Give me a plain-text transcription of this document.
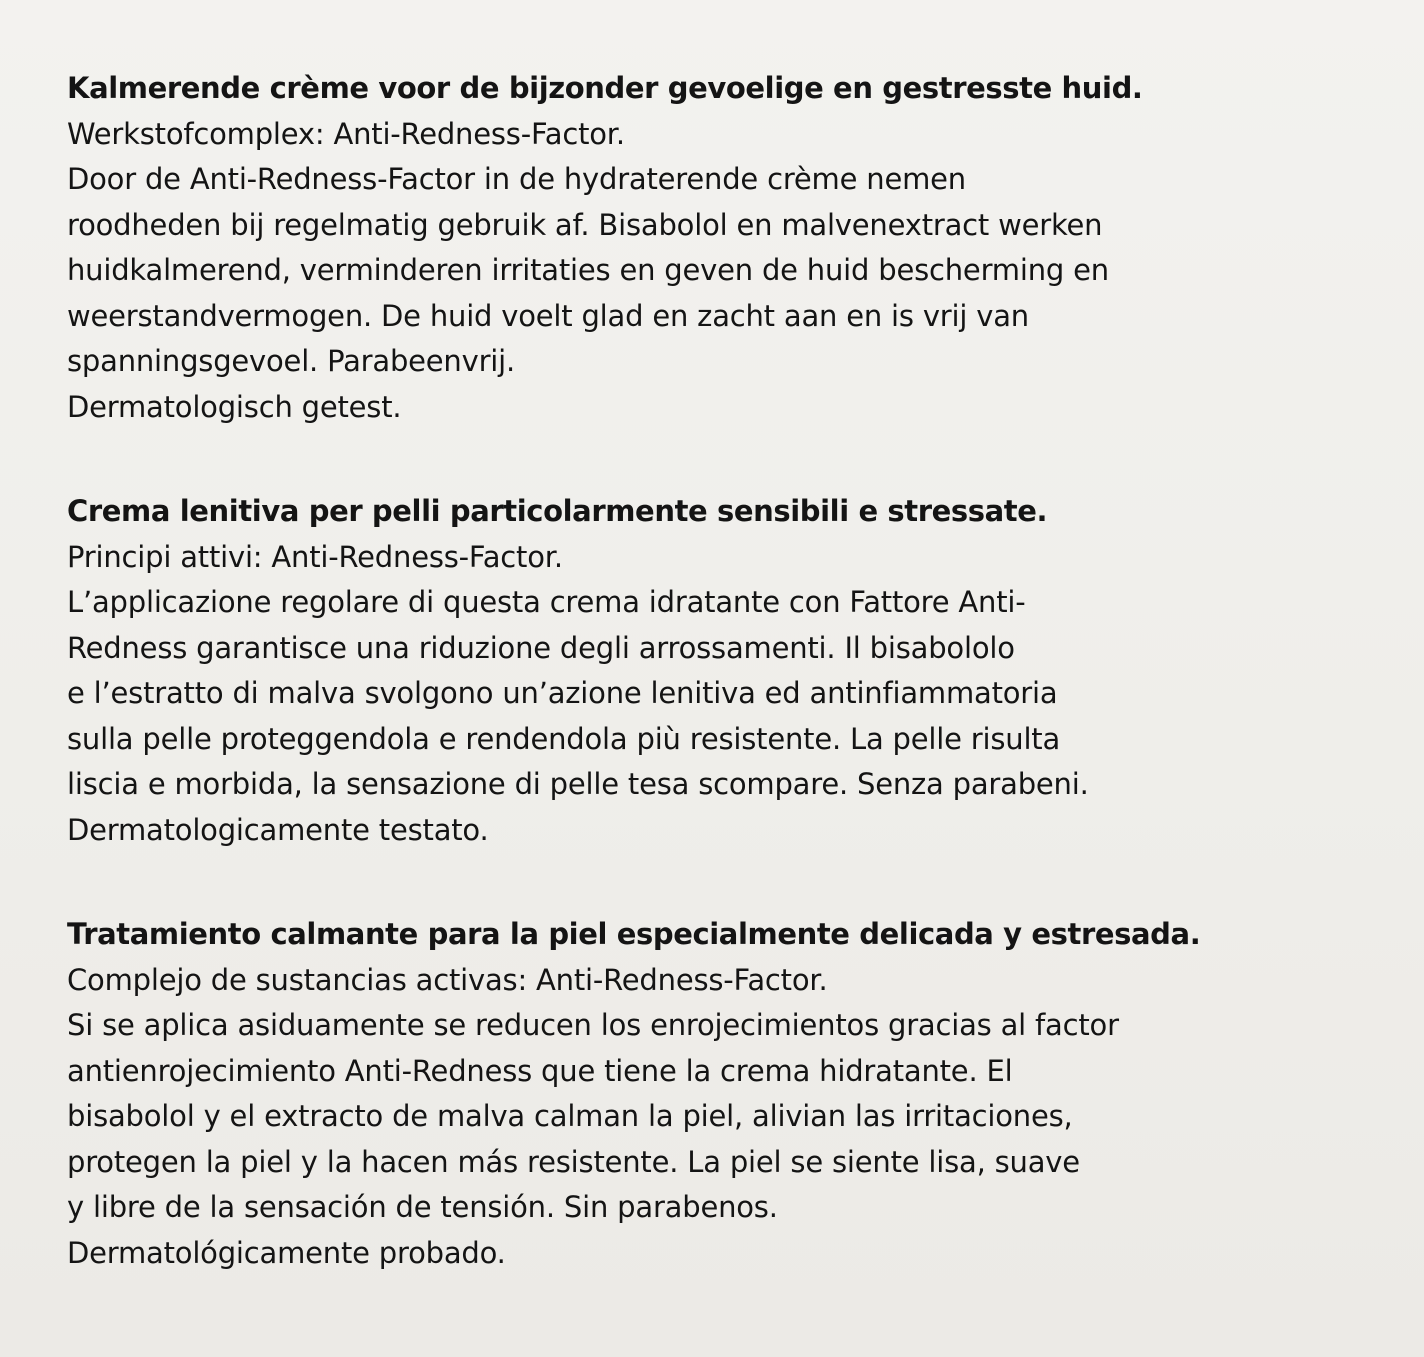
Kalmerende crème voor de bijzonder gevoelige en gestresste huid.
Werkstofcomplex: Anti-Redness-Factor.
Door de Anti-Redness-Factor in de hydraterende crème nemen
roodheden bij regelmatig gebruik af. Bisabolol en malvenextract werken
huidkalmerend, verminderen irritaties en geven de huid bescherming en
weerstandvermogen. De huid voelt glad en zacht aan en is vrij van
spanningsgevoel. Parabeenvrij.
Dermatologisch getest.
Crema lenitiva per pelli particolarmente sensibili e stressate.
Principi attivi: Anti-Redness-Factor.
L’applicazione regolare di questa crema idratante con Fattore Anti-
Redness garantisce una riduzione degli arrossamenti. Il bisabololo
e l’estratto di malva svolgono un’azione lenitiva ed antinfiammatoria
sulla pelle proteggendola e rendendola più resistente. La pelle risulta
liscia e morbida, la sensazione di pelle tesa scompare. Senza parabeni.
Dermatologicamente testato.
Tratamiento calmante para la piel especialmente delicada y estresada.
Complejo de sustancias activas: Anti-Redness-Factor.
Si se aplica asiduamente se reducen los enrojecimientos gracias al factor
antienrojecimiento Anti-Redness que tiene la crema hidratante. El
bisabolol y el extracto de malva calman la piel, alivian las irritaciones,
protegen la piel y la hacen más resistente. La piel se siente lisa, suave
y libre de la sensación de tensión. Sin parabenos.
Dermatológicamente probado.
